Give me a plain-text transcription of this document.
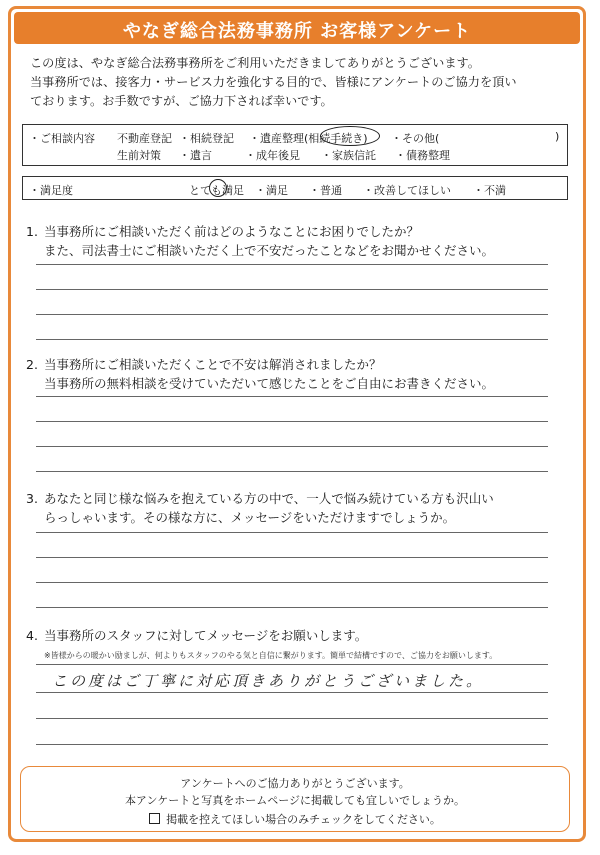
やなぎ総合法務事務所 お客様アンケート
この度は、やなぎ総合法務事務所をご利用いただきましてありがとうございます。
当事務所では、接客力・サービス力を強化する目的で、皆様にアンケートのご協力を頂い
ております。お手数ですが、ご協力下されば幸いです。
・ご相談内容 不動産登記 ・相続登記 ・遺産整理(相続手続き) ・その他(	)
生前対策 ・遺言	・成年後見 ・家族信託 ・債務整理
・満足度	とても満足 ・満足 ・普通 ・改善してほしい ・不満
1. 当事務所にご相談いただく前はどのようなことにお困りでしたか？
また、司法書士にご相談いただく上で不安だったことなどをお聞かせください。
2. 当事務所にご相談いただくことで不安は解消されましたか？
当事務所の無料相談を受けていただいて感じたことをご自由にお書きください。
3. あなたと同じ様な悩みを抱えている方の中で、一人で悩み続けている方も沢山い
らっしゃいます。その様な方に、メッセージをいただけますでしょうか。
4. 当事務所のスタッフに対してメッセージをお願いします。
※皆様からの暖かい励ましが、何よりもスタッフのやる気と自信に繋がります。簡単で結構ですので、ご協力をお願いします。
この度はご丁寧に対応頂きありがとうございました。
アンケートへのご協力ありがとうございます。
本アンケートと写真をホームページに掲載しても宜しいでしょうか。
掲載を控えてほしい場合のみチェックをしてください。
